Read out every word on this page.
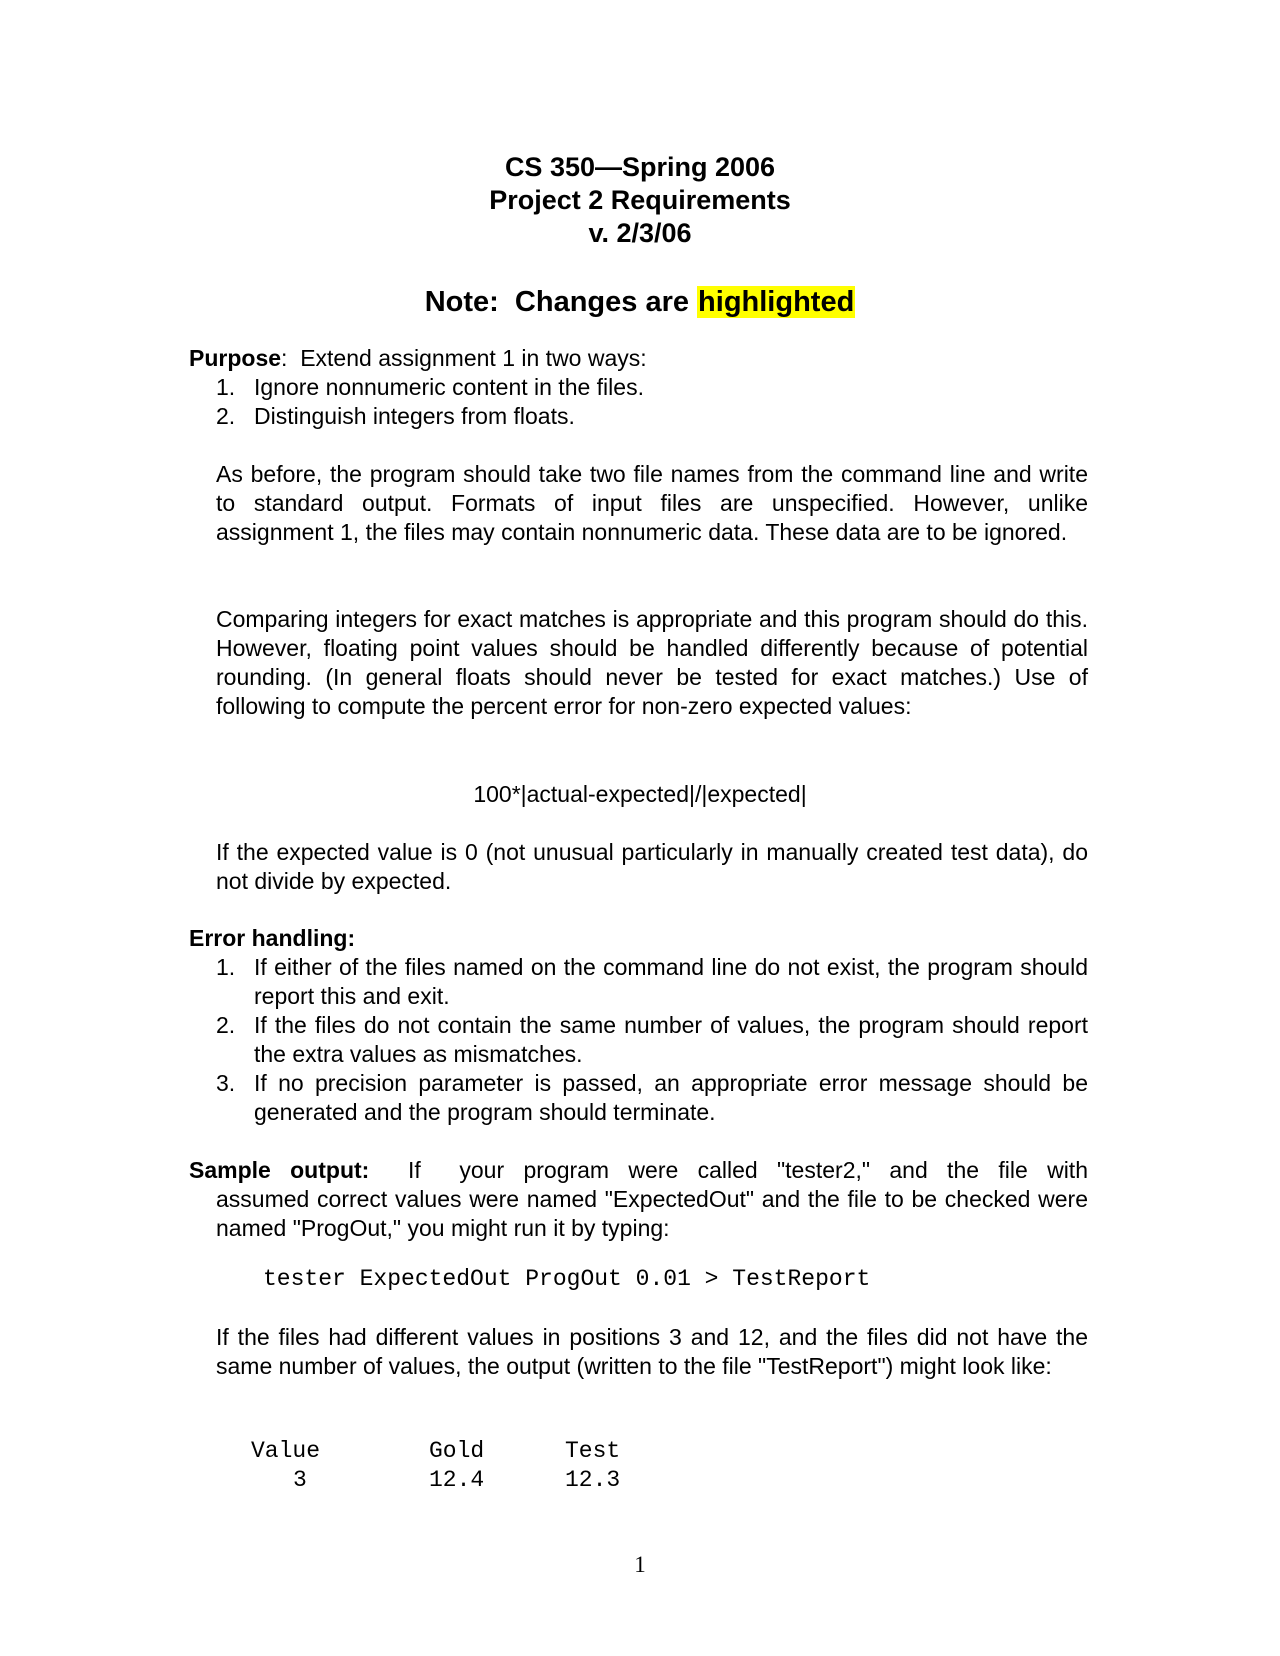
CS 350—Spring 2006
Project 2 Requirements
v. 2/3/06
Note:  Changes are highlighted
Purpose:  Extend assignment 1 in two ways:
1. Ignore nonnumeric content in the files.
2. Distinguish integers from floats.
As before, the program should take two file names from the command line and write to standard output. Formats of input files are unspecified. However, unlike assignment 1, the files may contain nonnumeric data. These data are to be ignored.
Comparing integers for exact matches is appropriate and this program should do this. However, floating point values should be handled differently because of potential rounding. (In general floats should never be tested for exact matches.) Use of following to compute the percent error for non-zero expected values:
100*|actual-expected|/|expected|
If the expected value is 0 (not unusual particularly in manually created test data), do not divide by expected.
Error handling:
1. If either of the files named on the command line do not exist, the program should report this and exit.
2. If the files do not contain the same number of values, the program should report the extra values as mismatches.
3. If no precision parameter is passed, an appropriate error message should be generated and the program should terminate.
Sample output:  If  your program were called "tester2," and the file with
assumed correct values were named "ExpectedOut" and the file to be checked were named "ProgOut," you might run it by typing:
tester ExpectedOut ProgOut 0.01 > TestReport
If the files had different values in positions 3 and 12, and the files did not have the same number of values, the output (written to the file "TestReport") might look like:
Value	Gold	Test
3	12.4	12.3
1
